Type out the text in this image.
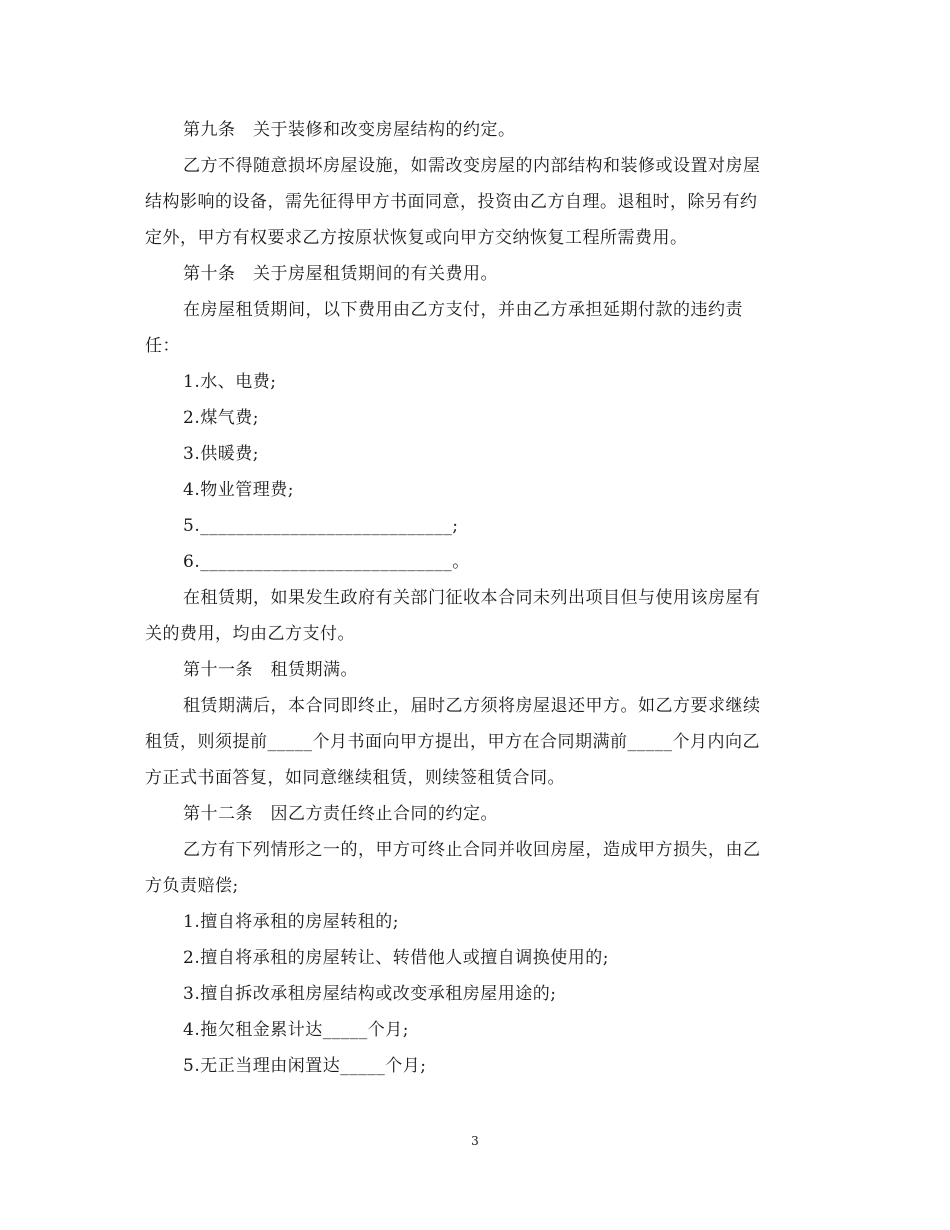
第九条　关于装修和改变房屋结构的约定。
乙方不得随意损坏房屋设施，如需改变房屋的内部结构和装修或设置对房屋
结构影响的设备，需先征得甲方书面同意，投资由乙方自理。退租时，除另有约
定外，甲方有权要求乙方按原状恢复或向甲方交纳恢复工程所需费用。
第十条　关于房屋租赁期间的有关费用。
在房屋租赁期间，以下费用由乙方支付，并由乙方承担延期付款的违约责
任：
1.水、电费;
2.煤气费;
3.供暖费;
4.物业管理费;
5.____________________________;
6.____________________________。
在租赁期，如果发生政府有关部门征收本合同未列出项目但与使用该房屋有
关的费用，均由乙方支付。
第十一条　租赁期满。
租赁期满后，本合同即终止，届时乙方须将房屋退还甲方。如乙方要求继续
租赁，则须提前_____个月书面向甲方提出，甲方在合同期满前_____个月内向乙
方正式书面答复，如同意继续租赁，则续签租赁合同。
第十二条　因乙方责任终止合同的约定。
乙方有下列情形之一的，甲方可终止合同并收回房屋，造成甲方损失，由乙
方负责赔偿;
1.擅自将承租的房屋转租的;
2.擅自将承租的房屋转让、转借他人或擅自调换使用的;
3.擅自拆改承租房屋结构或改变承租房屋用途的;
4.拖欠租金累计达_____个月;
5.无正当理由闲置达_____个月;
3
